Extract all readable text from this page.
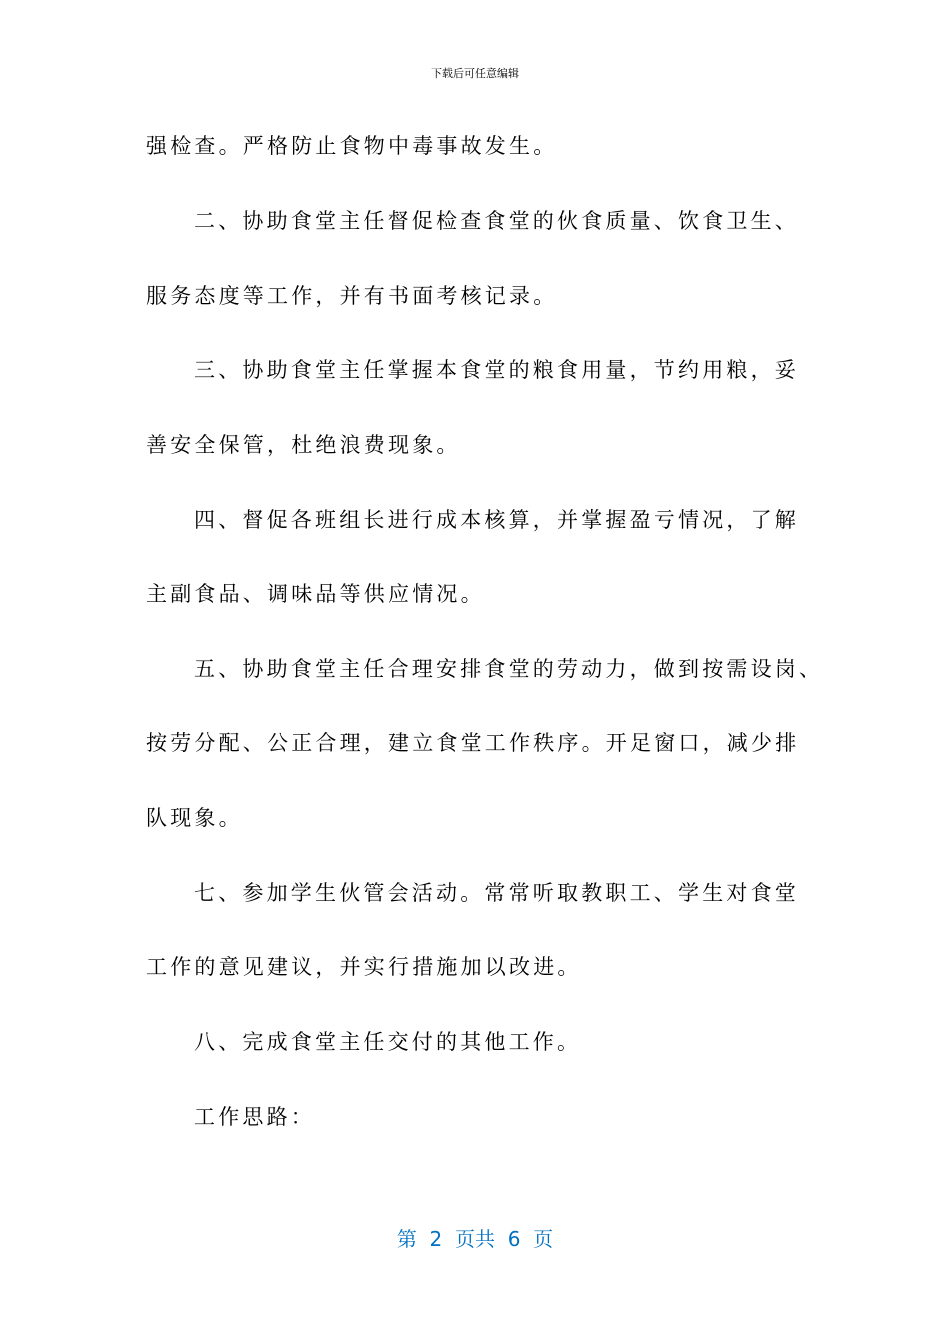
下载后可任意编辑
强检查。严格防止食物中毒事故发生。
二、协助食堂主任督促检查食堂的伙食质量、饮食卫生、
服务态度等工作，并有书面考核记录。
三、协助食堂主任掌握本食堂的粮食用量，节约用粮，妥
善安全保管，杜绝浪费现象。
四、督促各班组长进行成本核算，并掌握盈亏情况，了解
主副食品、调味品等供应情况。
五、协助食堂主任合理安排食堂的劳动力，做到按需设岗、
按劳分配、公正合理，建立食堂工作秩序。开足窗口，减少排
队现象。
七、参加学生伙管会活动。常常听取教职工、学生对食堂
工作的意见建议，并实行措施加以改进。
八、完成食堂主任交付的其他工作。
工作思路：
第  2  页共  6  页
